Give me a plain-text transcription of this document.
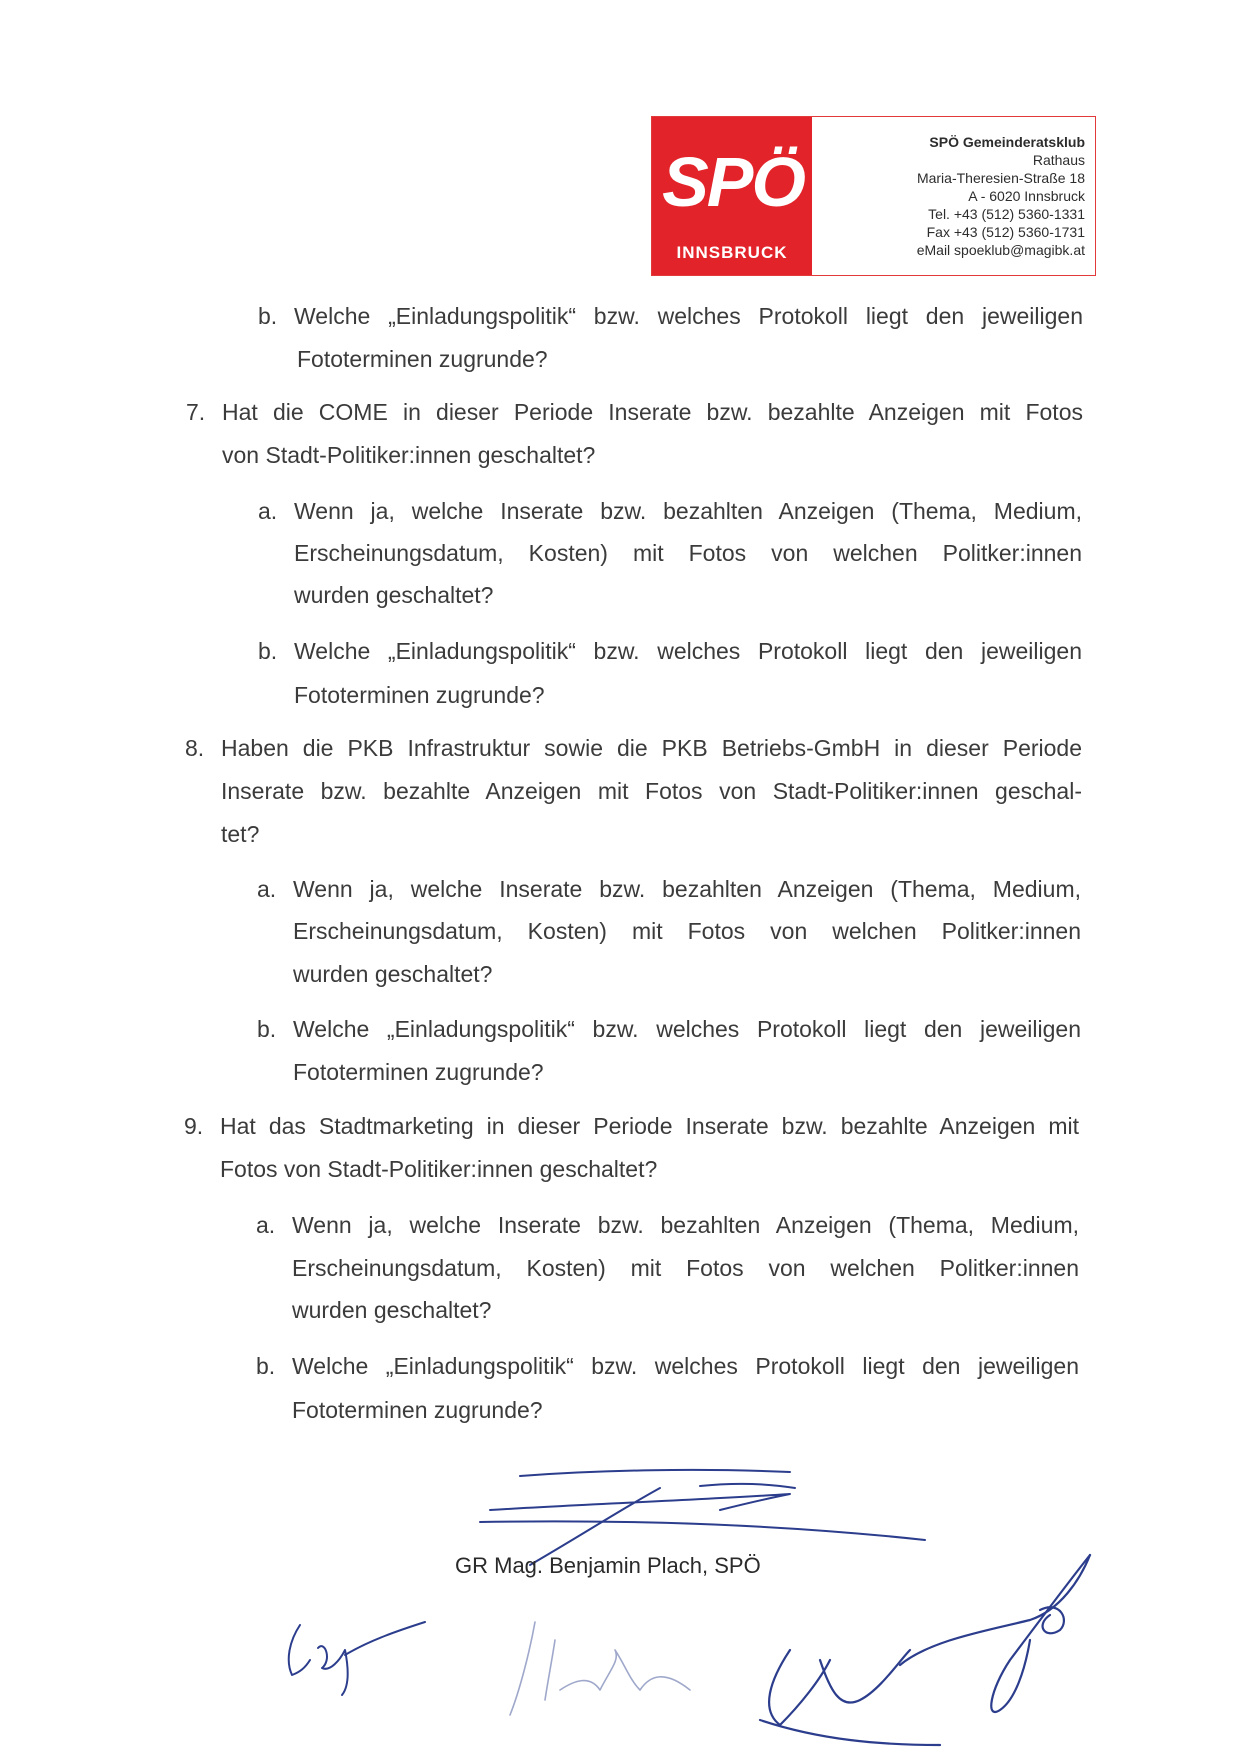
SPÖ
INNSBRUCK
SPÖ Gemeinderatsklub
Rathaus
Maria-Theresien-Straße 18
A - 6020 Innsbruck
Tel. +43 (512) 5360-1331
Fax +43 (512) 5360-1731
eMail spoeklub@magibk.at
b. Welche „Einladungspolitik“ bzw. welches Protokoll liegt den jeweiligen
Fototerminen zugrunde?
7. Hat die COME in dieser Periode Inserate bzw. bezahlte Anzeigen mit Fotos
von Stadt-Politiker:innen geschaltet?
a. Wenn ja, welche Inserate bzw. bezahlten Anzeigen (Thema, Medium,
Erscheinungsdatum, Kosten) mit Fotos von welchen Politker:innen
wurden geschaltet?
b. Welche „Einladungspolitik“ bzw. welches Protokoll liegt den jeweiligen
Fototerminen zugrunde?
8. Haben die PKB Infrastruktur sowie die PKB Betriebs-GmbH in dieser Periode
Inserate bzw. bezahlte Anzeigen mit Fotos von Stadt-Politiker:innen geschal-
tet?
a. Wenn ja, welche Inserate bzw. bezahlten Anzeigen (Thema, Medium,
Erscheinungsdatum, Kosten) mit Fotos von welchen Politker:innen
wurden geschaltet?
b. Welche „Einladungspolitik“ bzw. welches Protokoll liegt den jeweiligen
Fototerminen zugrunde?
9. Hat das Stadtmarketing in dieser Periode Inserate bzw. bezahlte Anzeigen mit
Fotos von Stadt-Politiker:innen geschaltet?
a. Wenn ja, welche Inserate bzw. bezahlten Anzeigen (Thema, Medium,
Erscheinungsdatum, Kosten) mit Fotos von welchen Politker:innen
wurden geschaltet?
b. Welche „Einladungspolitik“ bzw. welches Protokoll liegt den jeweiligen
Fototerminen zugrunde?
GR Mag. Benjamin Plach, SPÖ
